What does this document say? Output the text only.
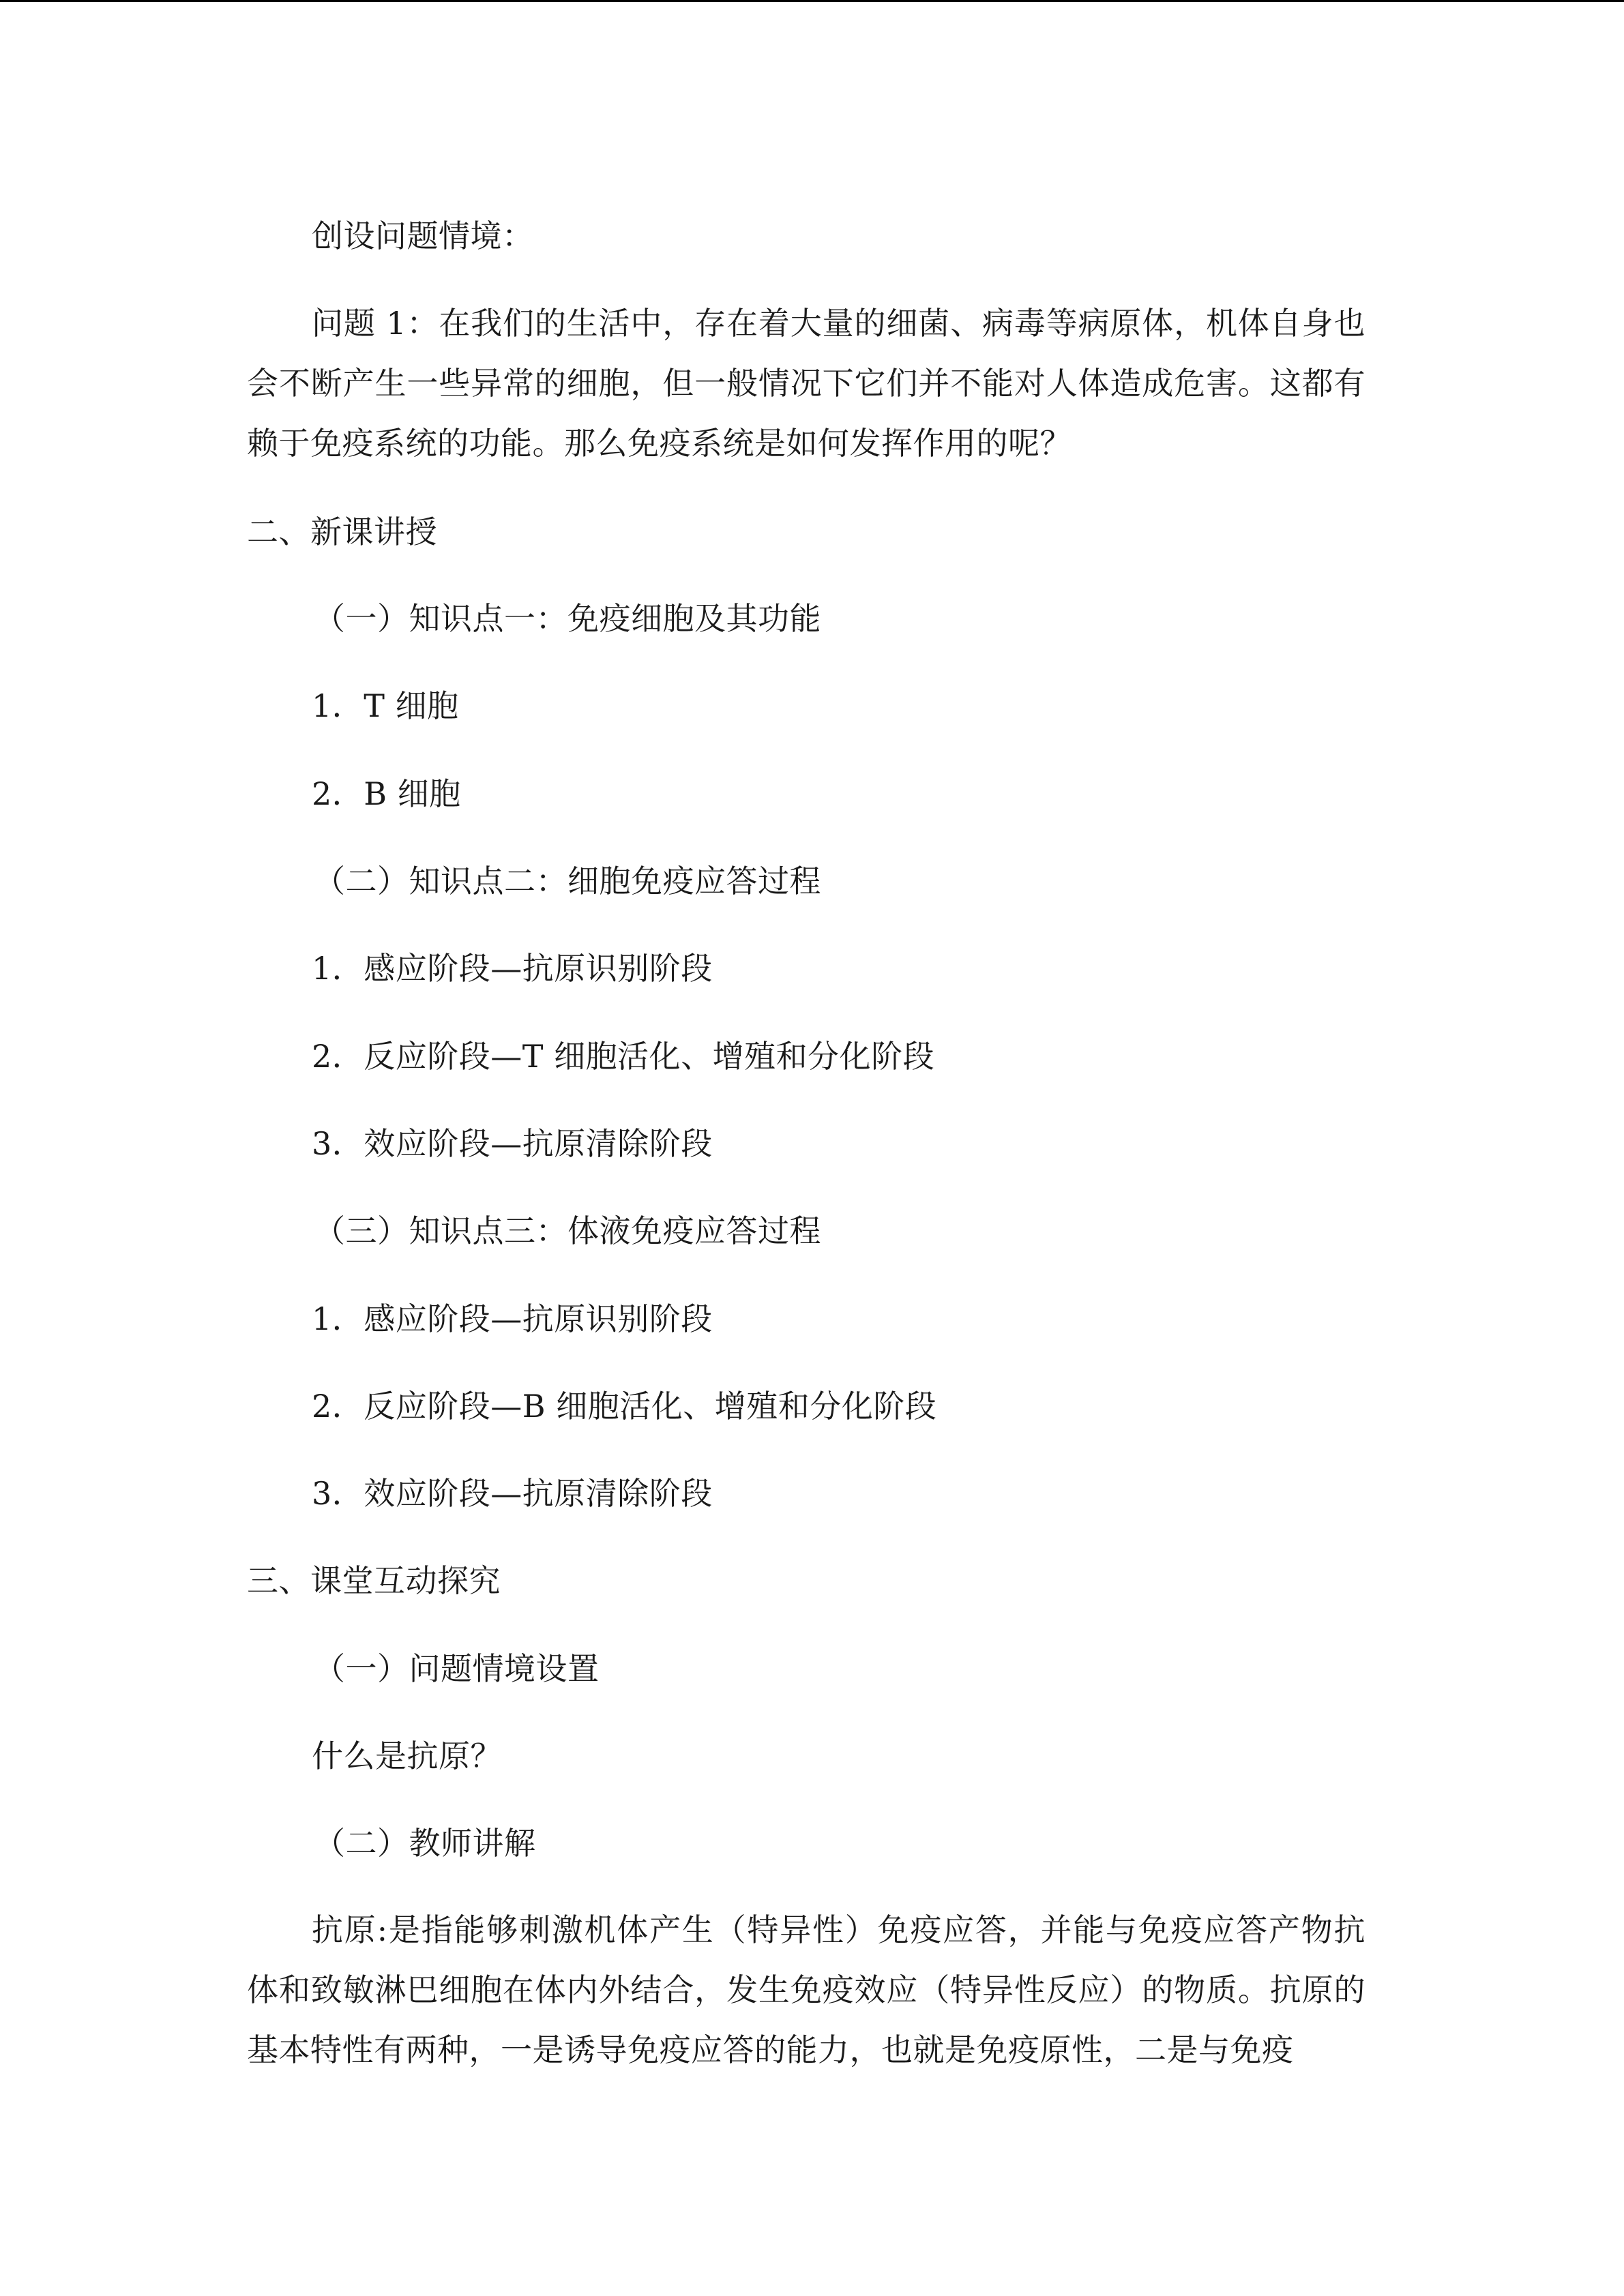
创设问题情境：

问题 1：在我们的生活中，存在着大量的细菌、病毒等病原体，机体自身也会不断产生一些异常的细胞，但一般情况下它们并不能对人体造成危害。这都有赖于免疫系统的功能。那么免疫系统是如何发挥作用的呢？

二、新课讲授

（一）知识点一：免疫细胞及其功能

1．T 细胞

2．B 细胞

（二）知识点二：细胞免疫应答过程

1．感应阶段—抗原识别阶段

2．反应阶段—T 细胞活化、增殖和分化阶段

3．效应阶段—抗原清除阶段

（三）知识点三：体液免疫应答过程

1．感应阶段—抗原识别阶段

2．反应阶段—B 细胞活化、增殖和分化阶段

3．效应阶段—抗原清除阶段

三、课堂互动探究

（一）问题情境设置

什么是抗原？

（二）教师讲解

抗原:是指能够刺激机体产生（特异性）免疫应答，并能与免疫应答产物抗体和致敏淋巴细胞在体内外结合，发生免疫效应（特异性反应）的物质。抗原的基本特性有两种，一是诱导免疫应答的能力，也就是免疫原性，二是与免疫
